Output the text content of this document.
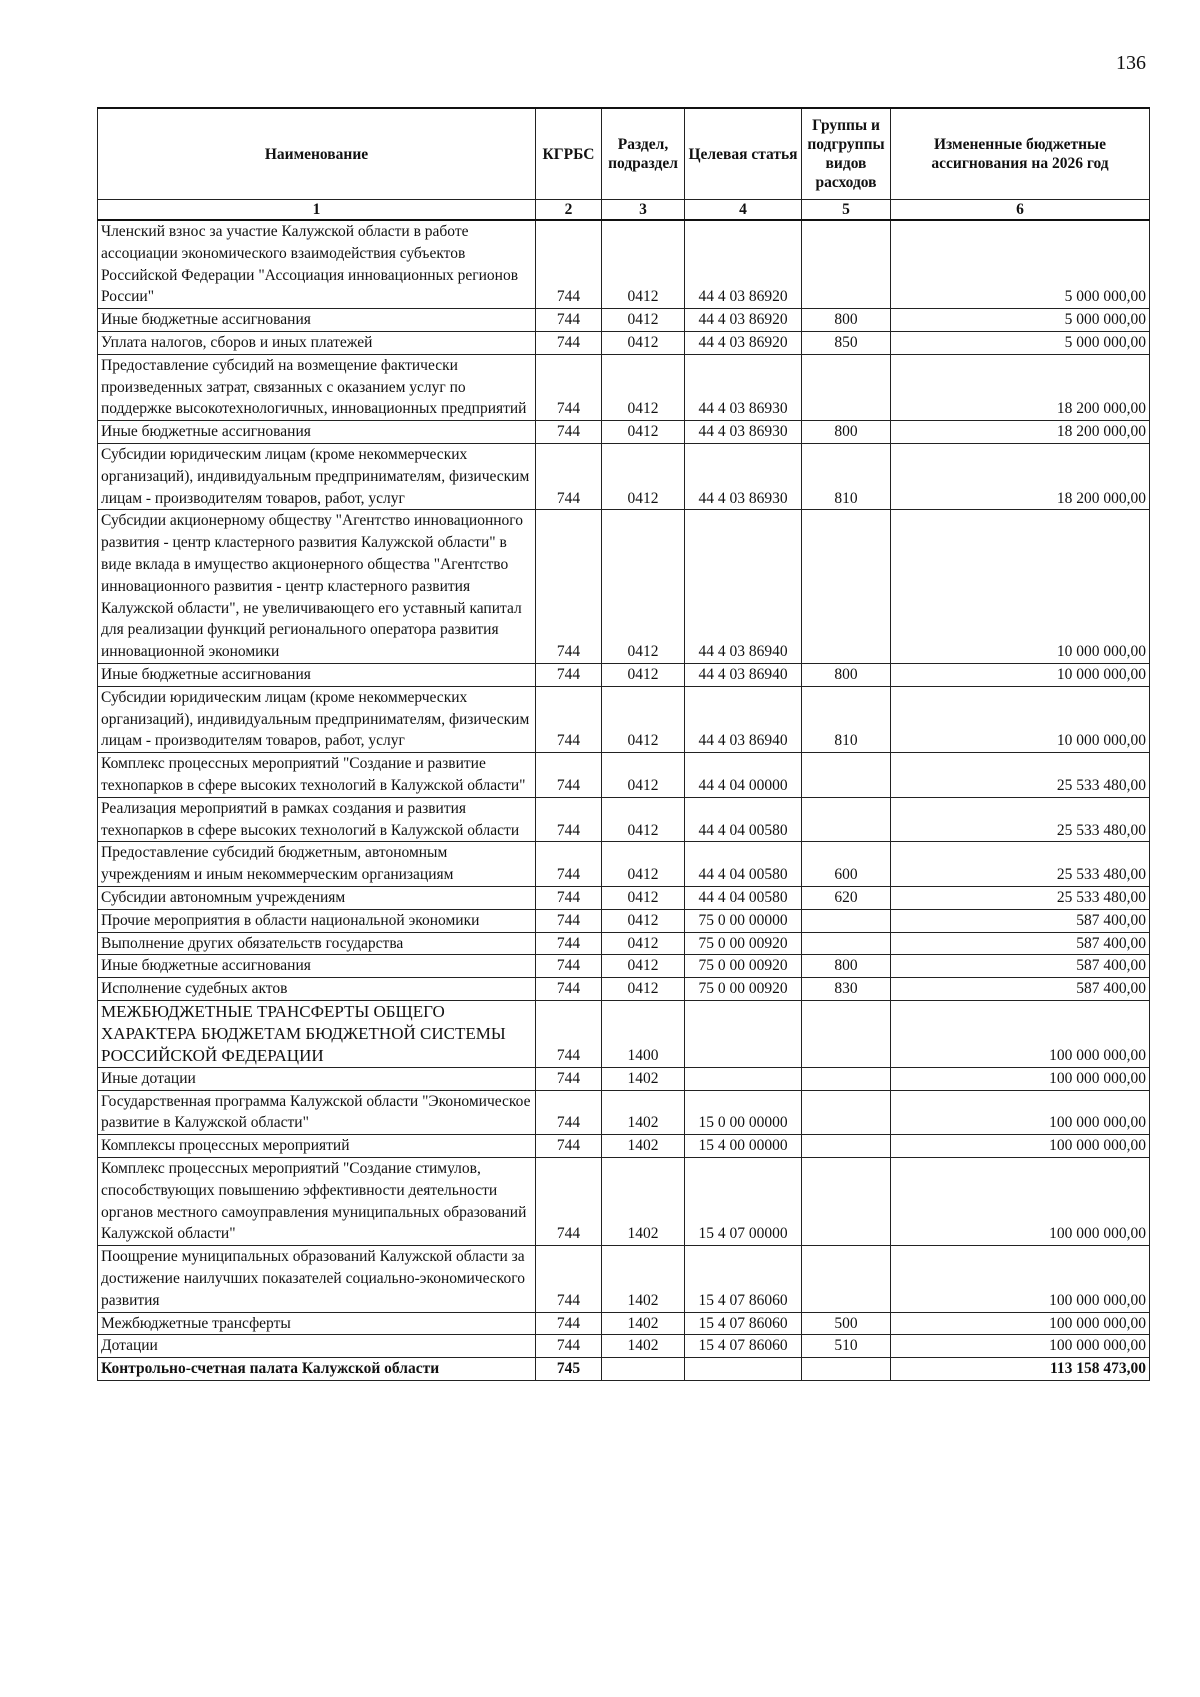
136
Наименование	КГРБС	Раздел, подраздел	Целевая статья	Группы и подгруппы видов расходов	Измененные бюджетные ассигнования на 2026 год
1	2	3	4	5	6
Членский взнос за участие Калужской области в работе ассоциации экономического взаимодействия субъектов Российской Федерации "Ассоциация инновационных регионов России"	744	0412	44 4 03 86920		5 000 000,00
Иные бюджетные ассигнования	744	0412	44 4 03 86920	800	5 000 000,00
Уплата налогов, сборов и иных платежей	744	0412	44 4 03 86920	850	5 000 000,00
Предоставление субсидий на возмещение фактически произведенных затрат, связанных с оказанием услуг по поддержке высокотехнологичных, инновационных предприятий	744	0412	44 4 03 86930		18 200 000,00
Иные бюджетные ассигнования	744	0412	44 4 03 86930	800	18 200 000,00
Субсидии юридическим лицам (кроме некоммерческих организаций), индивидуальным предпринимателям, физическим лицам - производителям товаров, работ, услуг	744	0412	44 4 03 86930	810	18 200 000,00
Субсидии акционерному обществу "Агентство инновационного развития - центр кластерного развития Калужской области" в виде вклада в имущество акционерного общества "Агентство инновационного развития - центр кластерного развития Калужской области", не увеличивающего его уставный капитал для реализации функций регионального оператора развития инновационной экономики	744	0412	44 4 03 86940		10 000 000,00
Иные бюджетные ассигнования	744	0412	44 4 03 86940	800	10 000 000,00
Субсидии юридическим лицам (кроме некоммерческих организаций), индивидуальным предпринимателям, физическим лицам - производителям товаров, работ, услуг	744	0412	44 4 03 86940	810	10 000 000,00
Комплекс процессных мероприятий "Создание и развитие технопарков в сфере высоких технологий в Калужской области"	744	0412	44 4 04 00000		25 533 480,00
Реализация мероприятий в рамках создания и развития технопарков в сфере высоких технологий в Калужской области	744	0412	44 4 04 00580		25 533 480,00
Предоставление субсидий бюджетным, автономным учреждениям и иным некоммерческим организациям	744	0412	44 4 04 00580	600	25 533 480,00
Субсидии автономным учреждениям	744	0412	44 4 04 00580	620	25 533 480,00
Прочие мероприятия в области национальной экономики	744	0412	75 0 00 00000		587 400,00
Выполнение других обязательств государства	744	0412	75 0 00 00920		587 400,00
Иные бюджетные ассигнования	744	0412	75 0 00 00920	800	587 400,00
Исполнение судебных актов	744	0412	75 0 00 00920	830	587 400,00
МЕЖБЮДЖЕТНЫЕ ТРАНСФЕРТЫ ОБЩЕГО ХАРАКТЕРА БЮДЖЕТАМ БЮДЖЕТНОЙ СИСТЕМЫ РОССИЙСКОЙ ФЕДЕРАЦИИ	744	1400			100 000 000,00
Иные дотации	744	1402			100 000 000,00
Государственная программа Калужской области "Экономическое развитие в Калужской области"	744	1402	15 0 00 00000		100 000 000,00
Комплексы процессных мероприятий	744	1402	15 4 00 00000		100 000 000,00
Комплекс процессных мероприятий "Создание стимулов, способствующих повышению эффективности деятельности органов местного самоуправления муниципальных образований Калужской области"	744	1402	15 4 07 00000		100 000 000,00
Поощрение муниципальных образований Калужской области за достижение наилучших показателей социально-экономического развития	744	1402	15 4 07 86060		100 000 000,00
Межбюджетные трансферты	744	1402	15 4 07 86060	500	100 000 000,00
Дотации	744	1402	15 4 07 86060	510	100 000 000,00
Контрольно-счетная палата Калужской области	745				113 158 473,00
